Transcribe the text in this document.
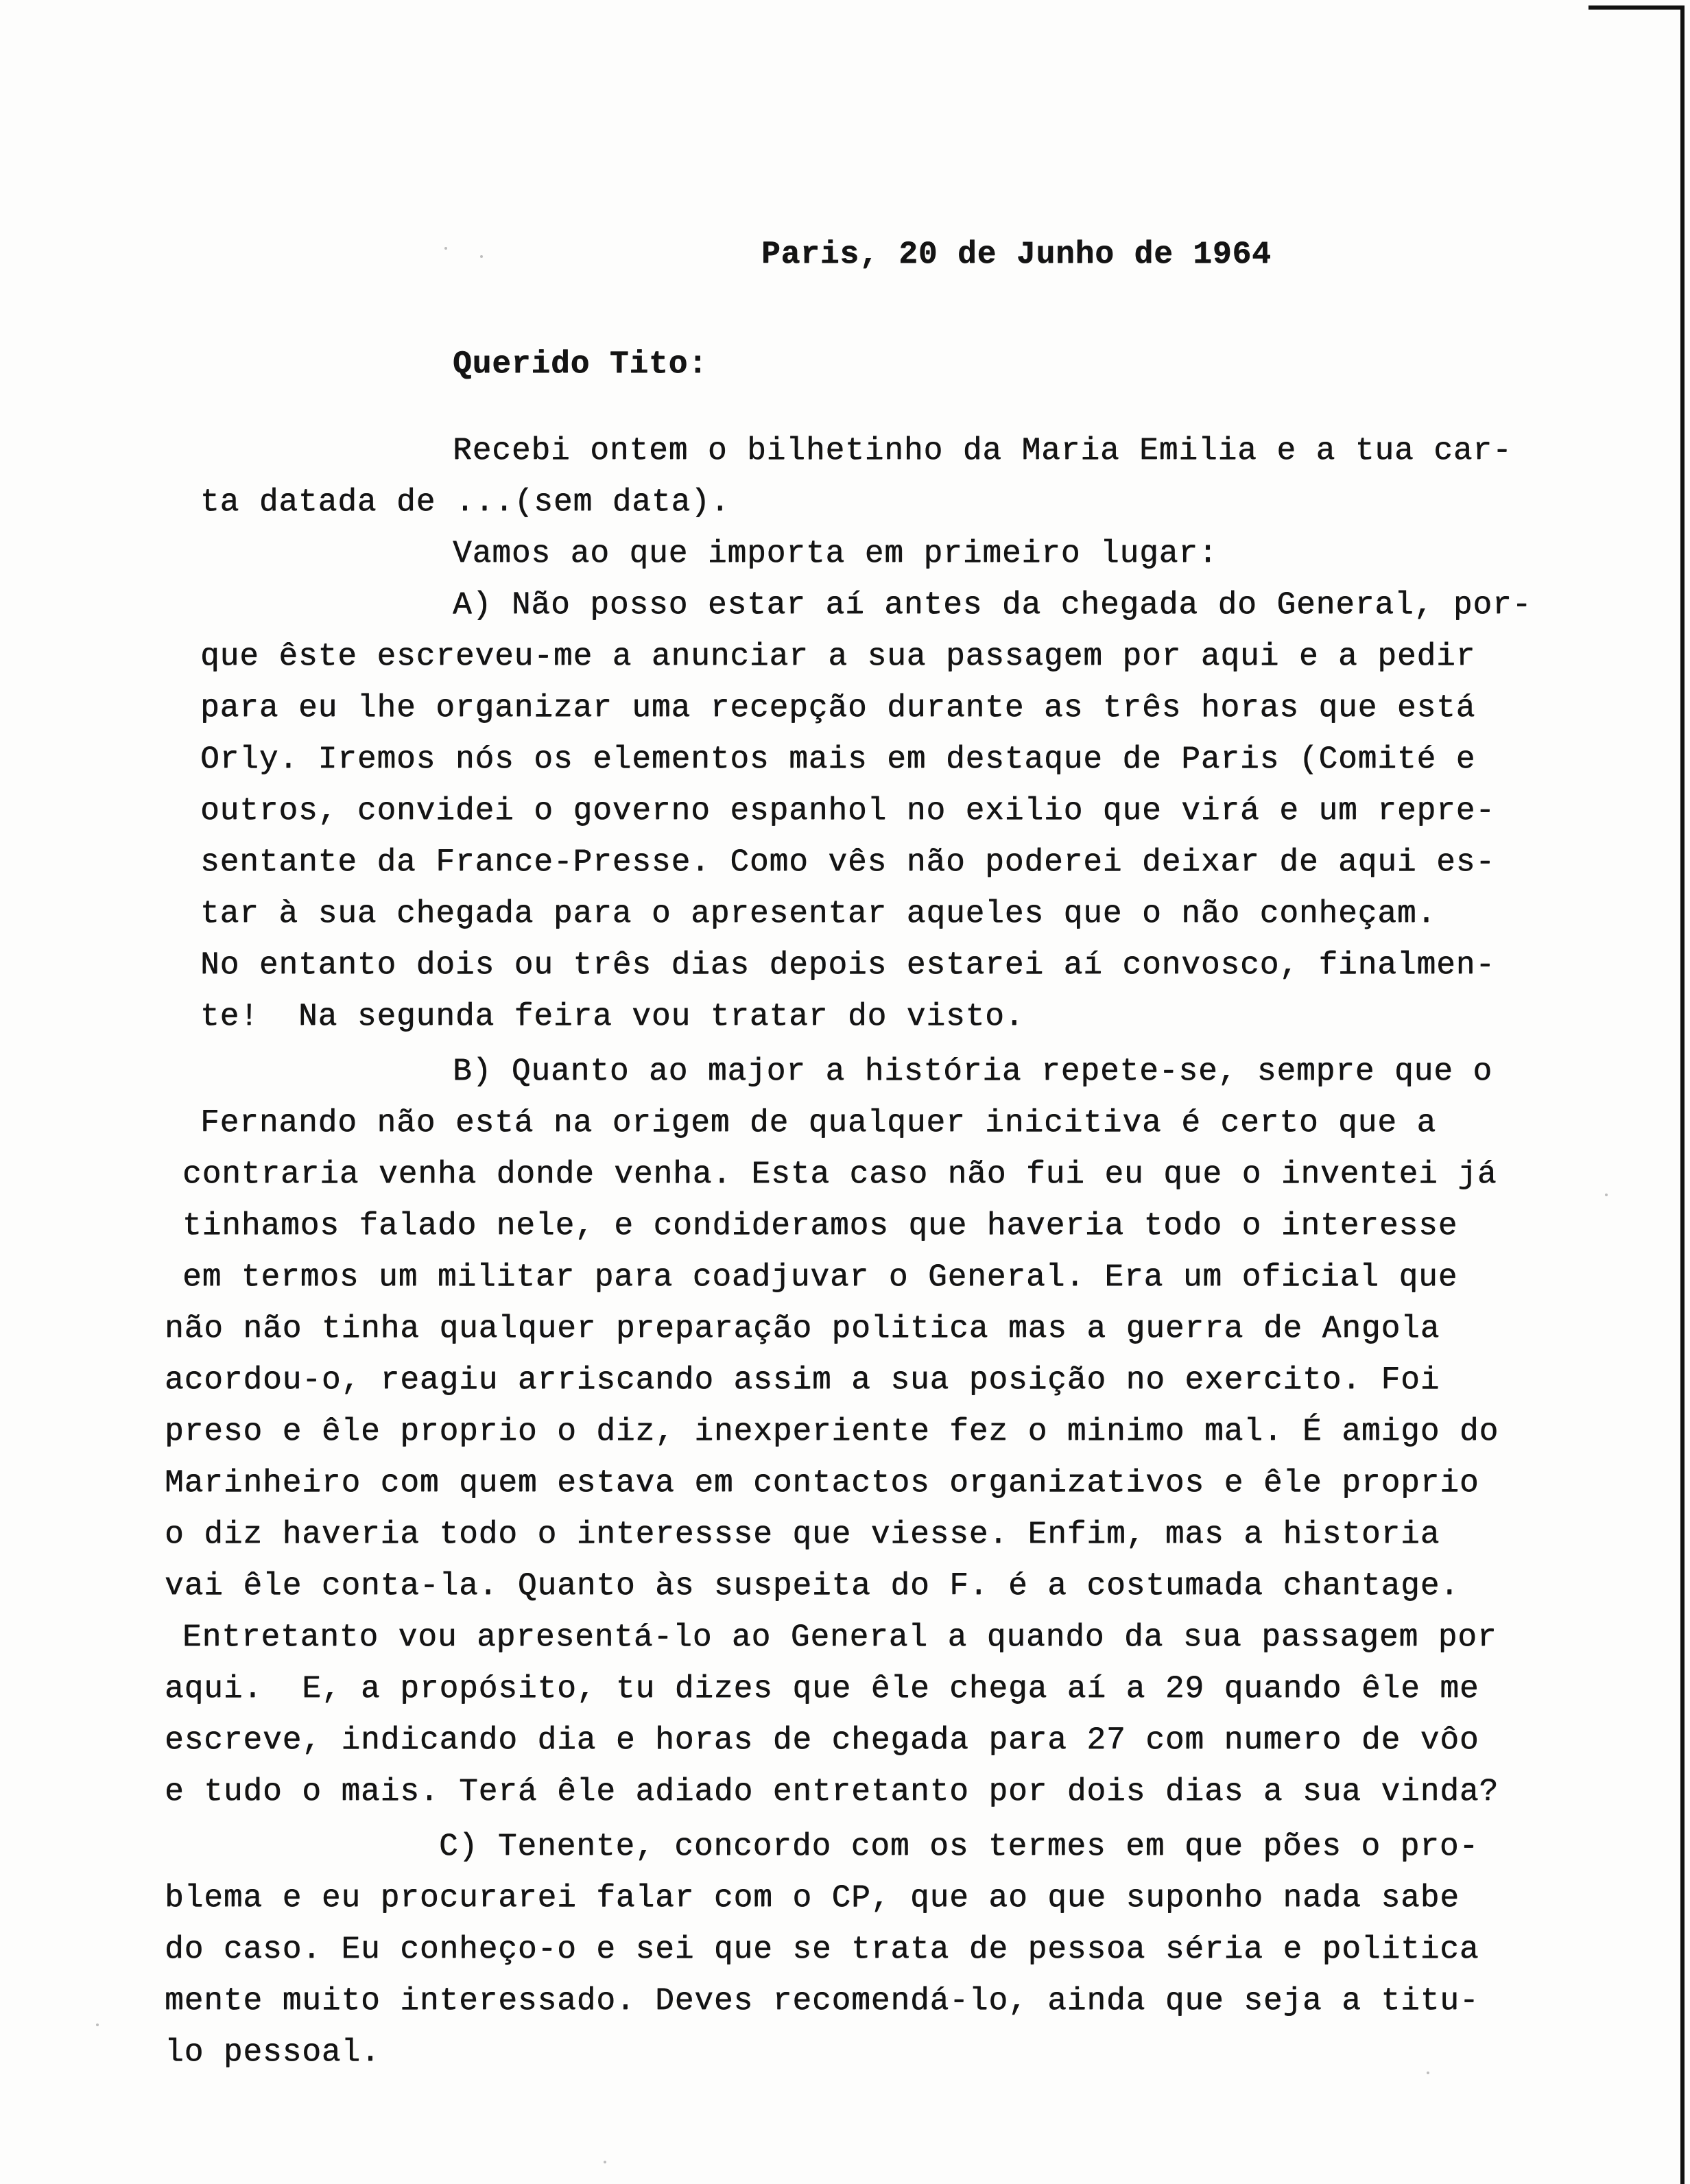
Paris, 20 de Junho de 1964

Querido Tito:

Recebi ontem o bilhetinho da Maria Emilia e a tua car-

ta datada de ...(sem data).

Vamos ao que importa em primeiro lugar:

A) Não posso estar aí antes da chegada do General, por-

que êste escreveu-me a anunciar a sua passagem por aqui e a pedir

para eu lhe organizar uma recepção durante as três horas que está

Orly. Iremos nós os elementos mais em destaque de Paris (Comité e

outros, convidei o governo espanhol no exilio que virá e um repre-

sentante da France-Presse. Como vês não poderei deixar de aqui es-

tar à sua chegada para o apresentar aqueles que o não conheçam.

No entanto dois ou três dias depois estarei aí convosco, finalmen-

te!  Na segunda feira vou tratar do visto.

B) Quanto ao major a história repete-se, sempre que o

Fernando não está na origem de qualquer inicitiva é certo que a

contraria venha donde venha. Esta caso não fui eu que o inventei já

tinhamos falado nele, e condideramos que haveria todo o interesse

em termos um militar para coadjuvar o General. Era um oficial que

não não tinha qualquer preparação politica mas a guerra de Angola

acordou-o, reagiu arriscando assim a sua posição no exercito. Foi

preso e êle proprio o diz, inexperiente fez o minimo mal. É amigo do

Marinheiro com quem estava em contactos organizativos e êle proprio

o diz haveria todo o interessse que viesse. Enfim, mas a historia

vai êle conta-la. Quanto às suspeita do F. é a costumada chantage.

Entretanto vou apresentá-lo ao General a quando da sua passagem por

aqui.  E, a propósito, tu dizes que êle chega aí a 29 quando êle me

escreve, indicando dia e horas de chegada para 27 com numero de vôo

e tudo o mais. Terá êle adiado entretanto por dois dias a sua vinda?

C) Tenente, concordo com os termes em que pões o pro-

blema e eu procurarei falar com o CP, que ao que suponho nada sabe

do caso. Eu conheço-o e sei que se trata de pessoa séria e politica

mente muito interessado. Deves recomendá-lo, ainda que seja a titu-

lo pessoal.
